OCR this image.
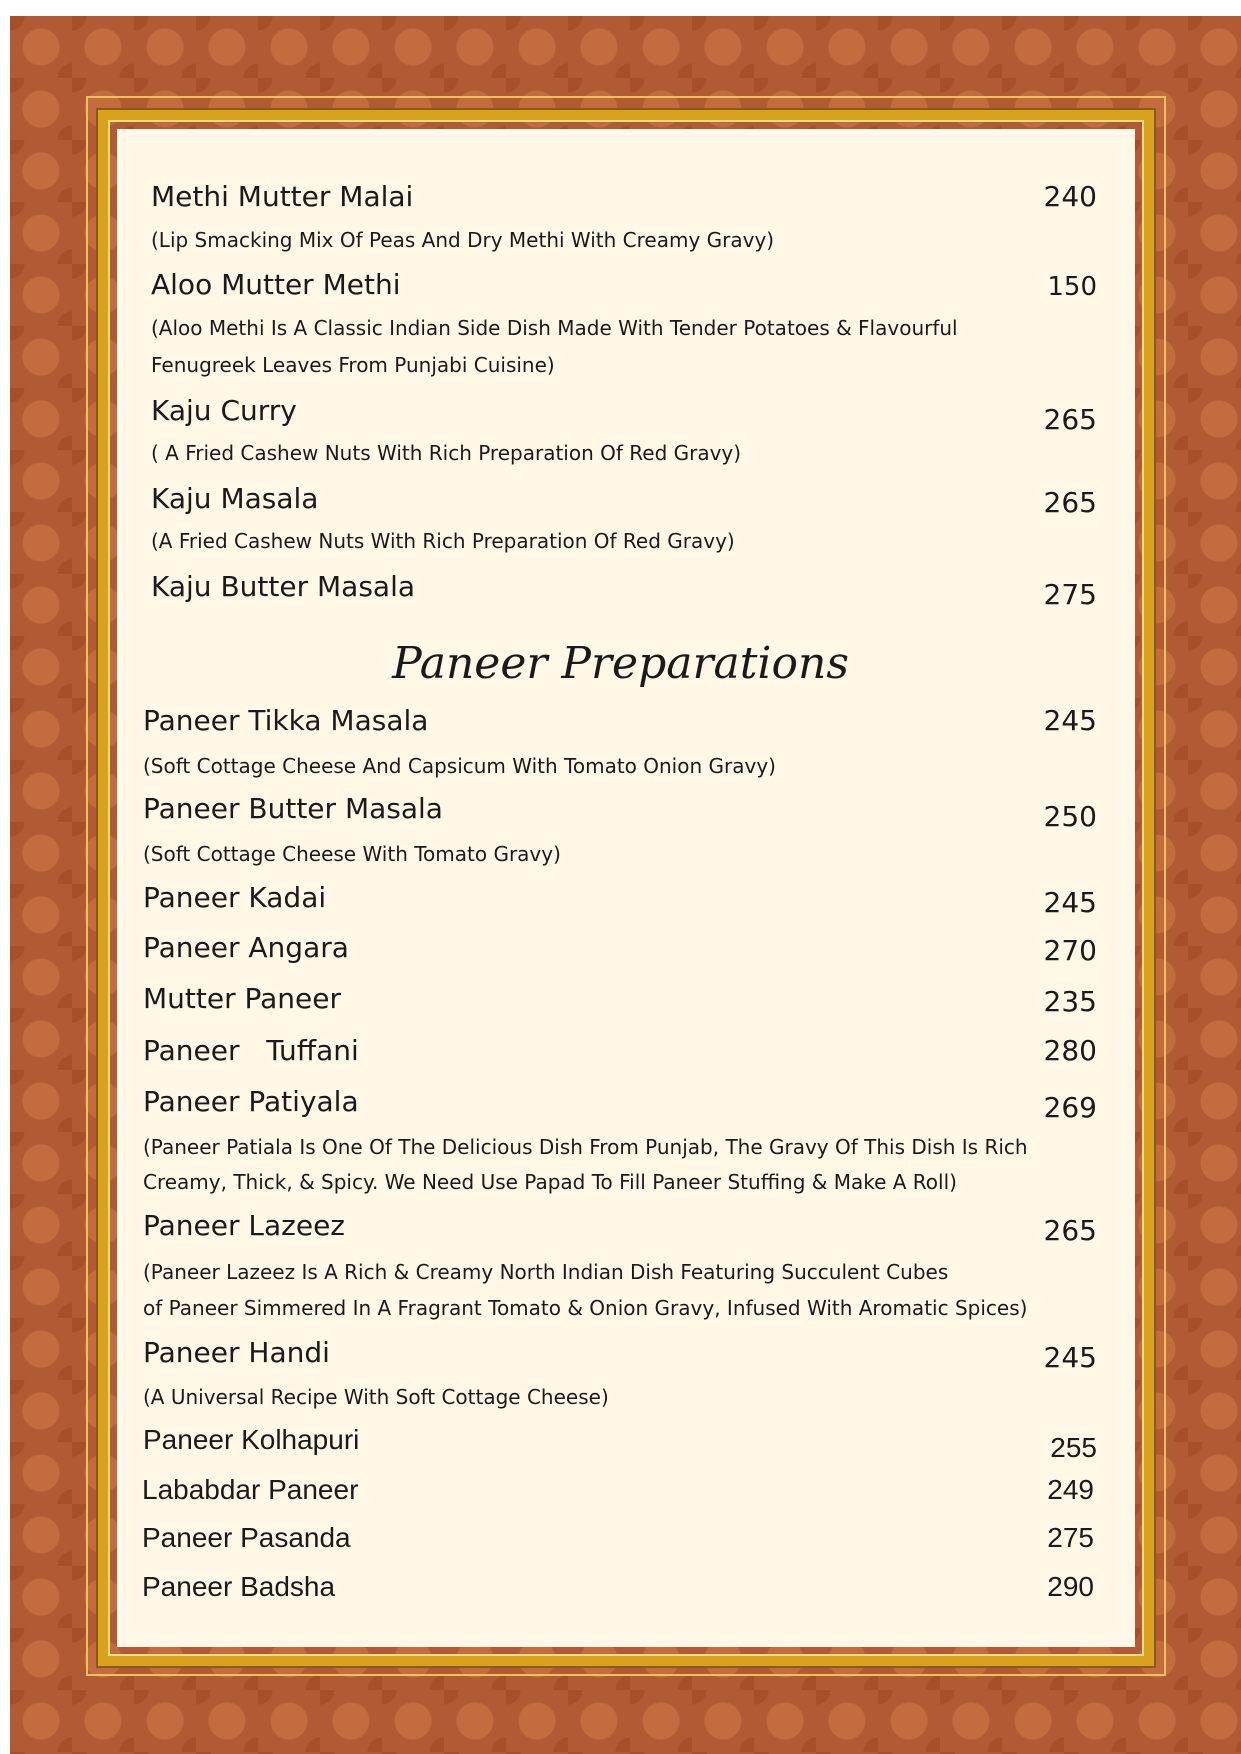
Methi Mutter Malai	240
(Lip Smacking Mix Of Peas And Dry Methi With Creamy Gravy)
Aloo Mutter Methi	150
(Aloo Methi Is A Classic Indian Side Dish Made With Tender Potatoes & Flavourful
Fenugreek Leaves From Punjabi Cuisine)
Kaju Curry	265
( A Fried Cashew Nuts With Rich Preparation Of Red Gravy)
Kaju Masala	265
(A Fried Cashew Nuts With Rich Preparation Of Red Gravy)
Kaju Butter Masala	275
Paneer Preparations
Paneer Tikka Masala	245
(Soft Cottage Cheese And Capsicum With Tomato Onion Gravy)
Paneer Butter Masala	250
(Soft Cottage Cheese With Tomato Gravy)
Paneer Kadai	245
Paneer Angara	270
Mutter Paneer	235
Paneer   Tuffani	280
Paneer Patiyala	269
(Paneer Patiala Is One Of The Delicious Dish From Punjab, The Gravy Of This Dish Is Rich
Creamy, Thick, & Spicy. We Need Use Papad To Fill Paneer Stuffing & Make A Roll)
Paneer Lazeez	265
(Paneer Lazeez Is A Rich & Creamy North Indian Dish Featuring Succulent Cubes
of Paneer Simmered In A Fragrant Tomato & Onion Gravy, Infused With Aromatic Spices)
Paneer Handi	245
(A Universal Recipe With Soft Cottage Cheese)
Paneer Kolhapuri	255
Lababdar Paneer	249
Paneer Pasanda	275
Paneer Badsha	290
